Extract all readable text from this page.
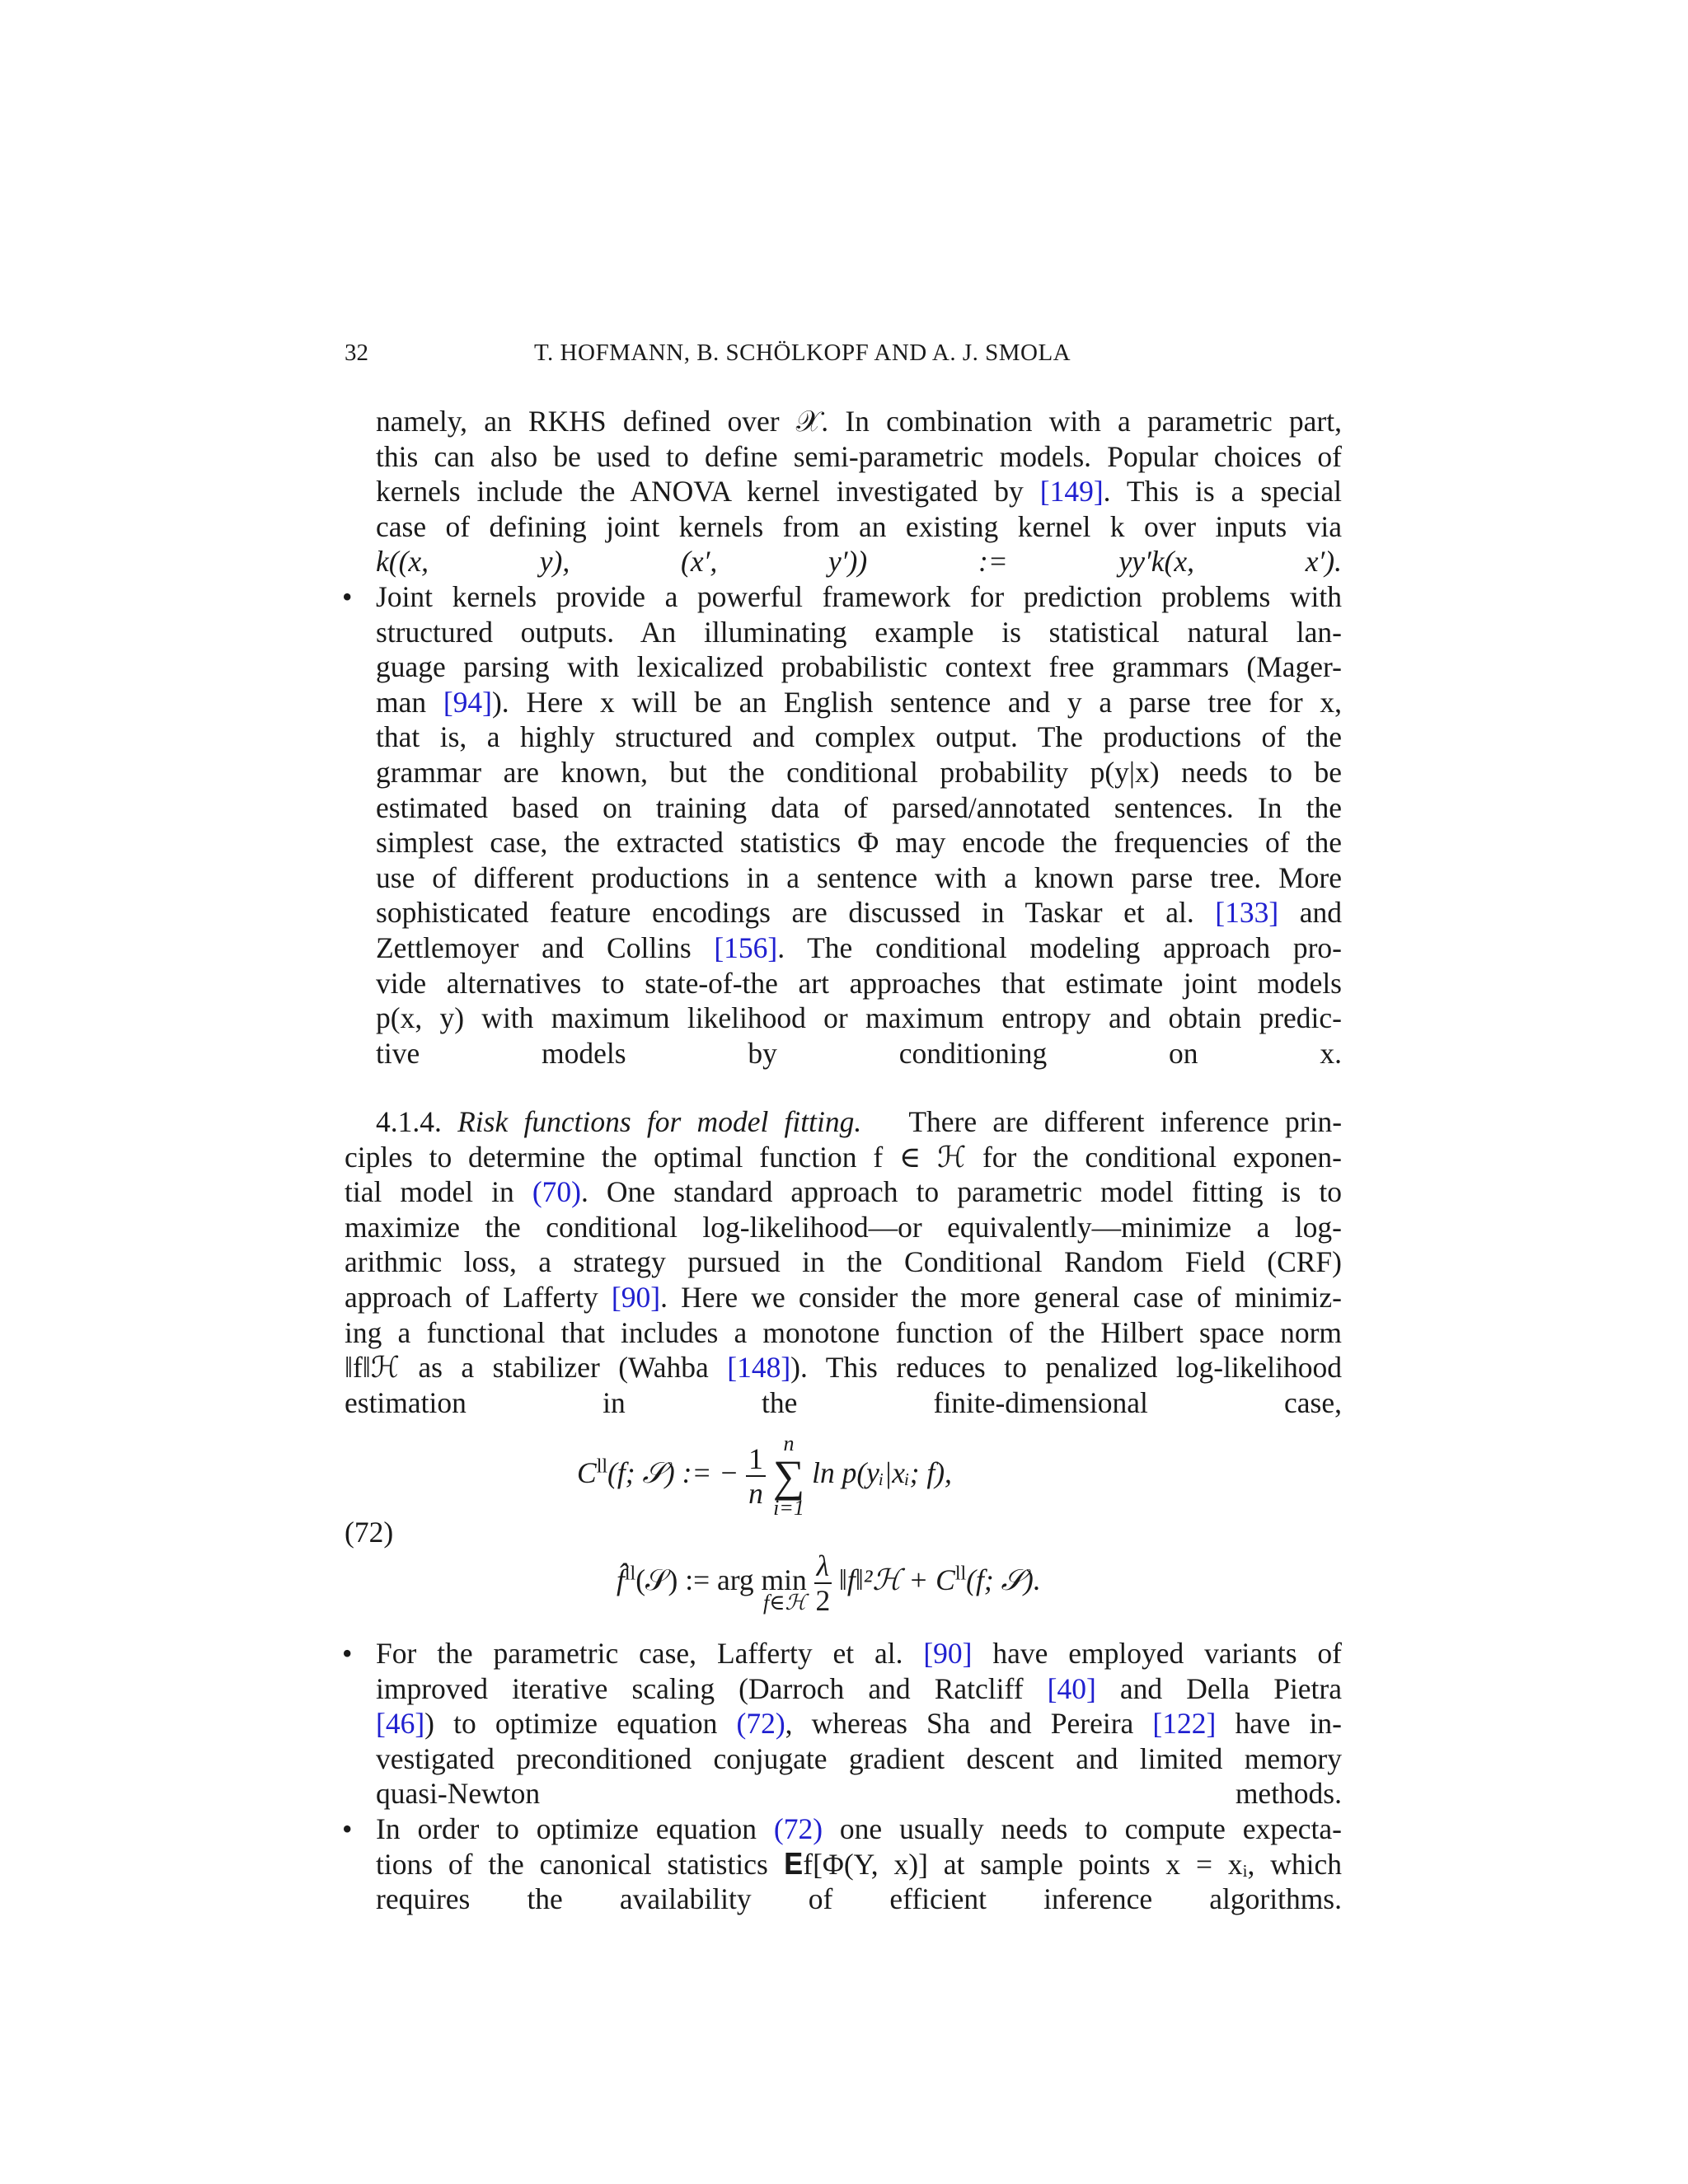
32	T. HOFMANN, B. SCHÖLKOPF AND A. J. SMOLA
namely, an RKHS defined over 𝒳. In combination with a parametric part,
this can also be used to define semi-parametric models. Popular choices of
kernels include the ANOVA kernel investigated by [149]. This is a special
case of defining joint kernels from an existing kernel k over inputs via
k((x, y), (x′, y′)) := yy′k(x, x′).
• Joint kernels provide a powerful framework for prediction problems with
structured outputs. An illuminating example is statistical natural lan-
guage parsing with lexicalized probabilistic context free grammars (Mager-
man [94]). Here x will be an English sentence and y a parse tree for x,
that is, a highly structured and complex output. The productions of the
grammar are known, but the conditional probability p(y|x) needs to be
estimated based on training data of parsed/annotated sentences. In the
simplest case, the extracted statistics Φ may encode the frequencies of the
use of different productions in a sentence with a known parse tree. More
sophisticated feature encodings are discussed in Taskar et al. [133] and
Zettlemoyer and Collins [156]. The conditional modeling approach pro-
vide alternatives to state-of-the art approaches that estimate joint models
p(x, y) with maximum likelihood or maximum entropy and obtain predic-
tive models by conditioning on x.
4.1.4. Risk functions for model fitting. There are different inference prin-
ciples to determine the optimal function f ∈ ℋ for the conditional exponen-
tial model in (70). One standard approach to parametric model fitting is to
maximize the conditional log-likelihood—or equivalently—minimize a log-
arithmic loss, a strategy pursued in the Conditional Random Field (CRF)
approach of Lafferty [90]. Here we consider the more general case of minimiz-
ing a functional that includes a monotone function of the Hilbert space norm
‖f‖ℋ as a stabilizer (Wahba [148]). This reduces to penalized log-likelihood
estimation in the finite-dimensional case,
(72)
$C^{ll}(f$; 𝒮) := − $\frac{1}{n}$
n
∑
i=1
ln p(yᵢ|xᵢ; f),
f̂$^{ll}$(𝒮) := arg $\min \frac{\lambda}{2}$ ‖f‖²ℋ + $C^{ll}(f$; 𝒮).
f∈ℋ
• For the parametric case, Lafferty et al. [90] have employed variants of
improved iterative scaling (Darroch and Ratcliff [40] and Della Pietra
[46]) to optimize equation (72), whereas Sha and Pereira [122] have in-
vestigated preconditioned conjugate gradient descent and limited memory
quasi-Newton methods.
• In order to optimize equation (72) one usually needs to compute expecta-
tions of the canonical statistics 𝐄f[Φ(Y, x)] at sample points x = xᵢ, which
requires the availability of efficient inference algorithms.
